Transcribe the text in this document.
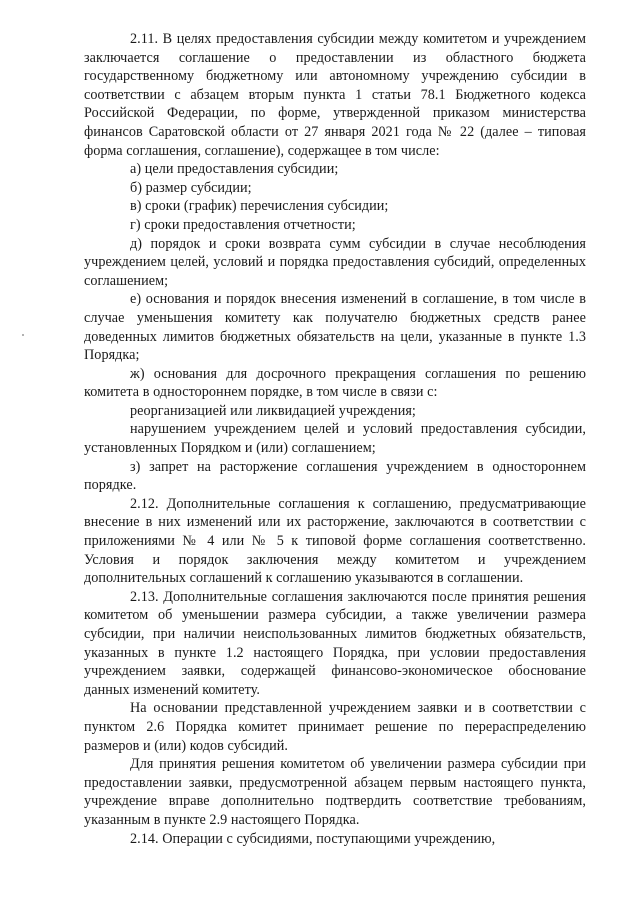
2.11. В целях предоставления субсидии между комитетом и учреждением заключается соглашение о предоставлении из областного бюджета государственному бюджетному или автономному учреждению субсидии в соответствии с абзацем вторым пункта 1 статьи 78.1 Бюджетного кодекса Российской Федерации, по форме, утвержденной приказом министерства финансов Саратовской области от 27 января 2021 года № 22 (далее – типовая форма соглашения, соглашение), содержащее в том числе:

а) цели предоставления субсидии;

б) размер субсидии;

в) сроки (график) перечисления субсидии;

г) сроки предоставления отчетности;

д) порядок и сроки возврата сумм субсидии в случае несоблюдения учреждением целей, условий и порядка предоставления субсидий, определенных соглашением;

е) основания и порядок внесения изменений в соглашение, в том числе в случае уменьшения комитету как получателю бюджетных средств ранее доведенных лимитов бюджетных обязательств на цели, указанные в пункте 1.3 Порядка;

ж) основания для досрочного прекращения соглашения по решению комитета в одностороннем порядке, в том числе в связи с:

реорганизацией или ликвидацией учреждения;

нарушением учреждением целей и условий предоставления субсидии, установленных Порядком и (или) соглашением;

з) запрет на расторжение соглашения учреждением в одностороннем порядке.

2.12. Дополнительные соглашения к соглашению, предусматривающие внесение в них изменений или их расторжение, заключаются в соответствии с приложениями № 4 или № 5 к типовой форме соглашения соответственно. Условия и порядок заключения между комитетом и учреждением дополнительных соглашений к соглашению указываются в соглашении.

2.13. Дополнительные соглашения заключаются после принятия решения комитетом об уменьшении размера субсидии, а также увеличении размера субсидии, при наличии неиспользованных лимитов бюджетных обязательств, указанных в пункте 1.2 настоящего Порядка, при условии предоставления учреждением заявки, содержащей финансово-экономическое обоснование данных изменений комитету.

На основании представленной учреждением заявки и в соответствии с пунктом 2.6 Порядка комитет принимает решение по перераспределению размеров и (или) кодов субсидий.

Для принятия решения комитетом об увеличении размера субсидии при предоставлении заявки, предусмотренной абзацем первым настоящего пункта, учреждение вправе дополнительно подтвердить соответствие требованиям, указанным в пункте 2.9 настоящего Порядка.

2.14. Операции с субсидиями, поступающими учреждению,
